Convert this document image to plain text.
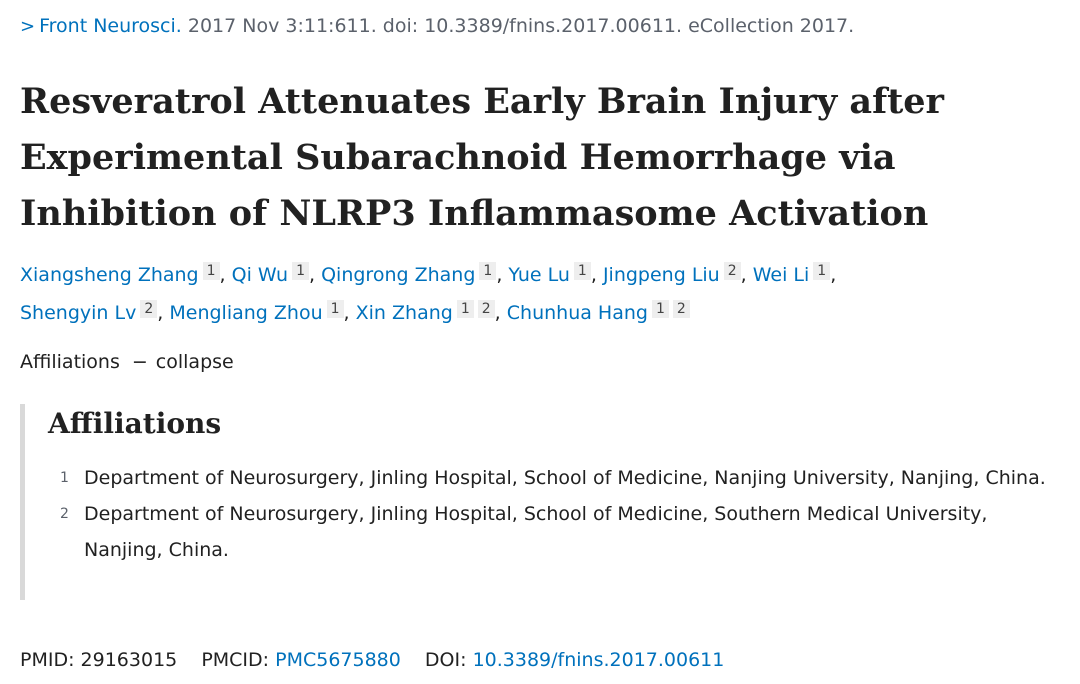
> Front Neurosci. 2017 Nov 3:11:611. doi: 10.3389/fnins.2017.00611. eCollection 2017.
Resveratrol Attenuates Early Brain Injury after Experimental Subarachnoid Hemorrhage via Inhibition of NLRP3 Inflammasome Activation
Xiangsheng Zhang 1 , Qi Wu 1 , Qingrong Zhang 1 , Yue Lu 1 , Jingpeng Liu 2 , Wei Li 1 ,
Shengyin Lv 2 , Mengliang Zhou 1 , Xin Zhang 1 2 , Chunhua Hang 1 2
Affiliations − collapse
Affiliations
1 Department of Neurosurgery, Jinling Hospital, School of Medicine, Nanjing University, Nanjing, China.
2 Department of Neurosurgery, Jinling Hospital, School of Medicine, Southern Medical University, Nanjing, China.
PMID: 29163015 PMCID: PMC5675880 DOI: 10.3389/fnins.2017.00611
